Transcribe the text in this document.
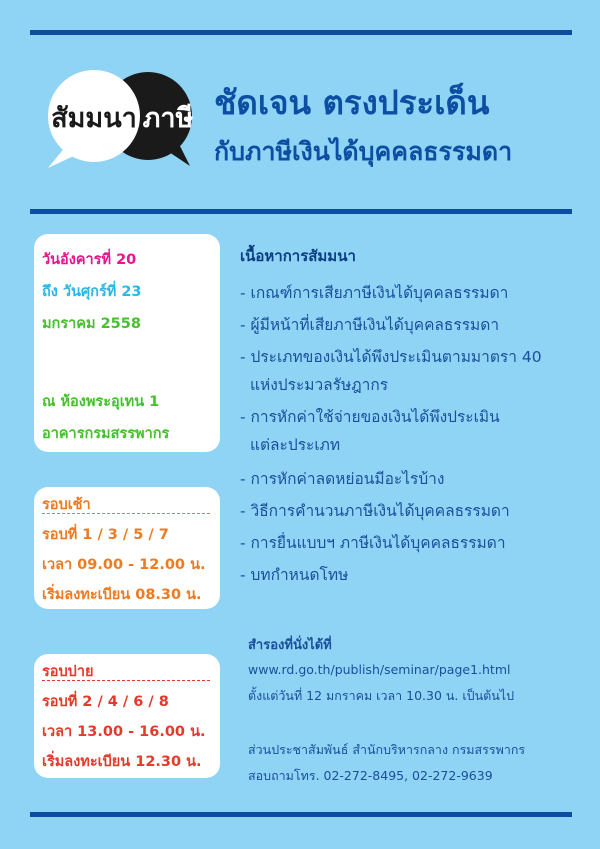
สัมมนา ภาษี ชัดเจน ตรงประเด็น
กับภาษีเงินได้บุคคลธรรมดา
วันอังคารที่ 20
ถึง วันศุกร์ที่ 23
มกราคม 2558
ณ ห้องพระอุเทน 1
อาคารกรมสรรพากร
รอบเช้า
รอบที่ 1 / 3 / 5 / 7
เวลา 09.00 - 12.00 น.
เริ่มลงทะเบียน 08.30 น.
รอบบ่าย
รอบที่ 2 / 4 / 6 / 8
เวลา 13.00 - 16.00 น.
เริ่มลงทะเบียน 12.30 น.
เนื้อหาการสัมมนา
- เกณฑ์การเสียภาษีเงินได้บุคคลธรรมดา
- ผู้มีหน้าที่เสียภาษีเงินได้บุคคลธรรมดา
- ประเภทของเงินได้พึงประเมินตามมาตรา 40
แห่งประมวลรัษฎากร
- การหักค่าใช้จ่ายของเงินได้พึงประเมิน
แต่ละประเภท
- การหักค่าลดหย่อนมีอะไรบ้าง
- วิธีการคำนวนภาษีเงินได้บุคคลธรรมดา
- การยื่นแบบฯ ภาษีเงินได้บุคคลธรรมดา
- บทกำหนดโทษ
สำรองที่นั่งได้ที่
www.rd.go.th/publish/seminar/page1.html
ตั้งแต่วันที่ 12 มกราคม เวลา 10.30 น. เป็นต้นไป
ส่วนประชาสัมพันธ์ สำนักบริหารกลาง กรมสรรพากร
สอบถามโทร. 02-272-8495, 02-272-9639
